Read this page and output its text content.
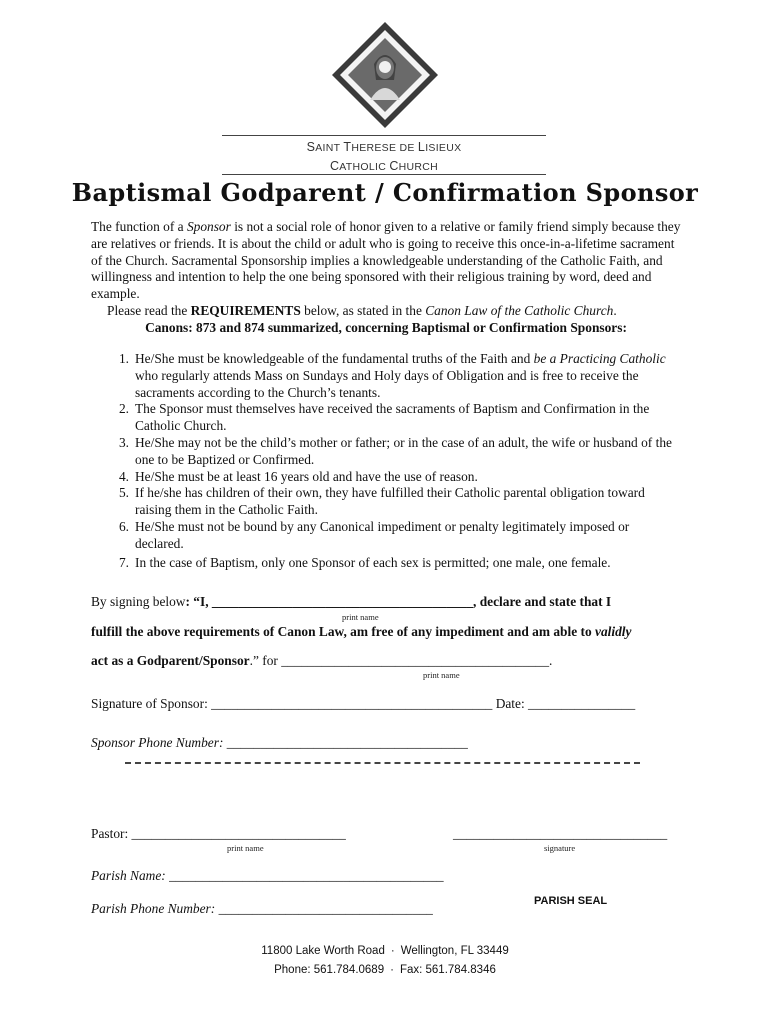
SAINT THERESE DE LISIEUX
CATHOLIC CHURCH
Baptismal Godparent / Confirmation Sponsor
The function of a Sponsor is not a social role of honor given to a relative or family friend simply because they are relatives or friends. It is about the child or adult who is going to receive this once-in-a-lifetime sacrament of the Church. Sacramental Sponsorship implies a knowledgeable understanding of the Catholic Faith, and willingness and intention to help the one being sponsored with their religious training by word, deed and example.
Please read the REQUIREMENTS below, as stated in the Canon Law of the Catholic Church.
Canons: 873 and 874 summarized, concerning Baptismal or Confirmation Sponsors:
1. He/She must be knowledgeable of the fundamental truths of the Faith and be a Practicing Catholic who regularly attends Mass on Sundays and Holy days of Obligation and is free to receive the sacraments according to the Church’s tenants.
2. The Sponsor must themselves have received the sacraments of Baptism and Confirmation in the Catholic Church.
3. He/She may not be the child’s mother or father; or in the case of an adult, the wife or husband of the one to be Baptized or Confirmed.
4. He/She must be at least 16 years old and have the use of reason.
5. If he/she has children of their own, they have fulfilled their Catholic parental obligation toward raising them in the Catholic Faith.
6. He/She must not be bound by any Canonical impediment or penalty legitimately imposed or declared.
7. In the case of Baptism, only one Sponsor of each sex is permitted; one male, one female.
By signing below: “I, _______________________________________, declare and state that I
print name
fulfill the above requirements of Canon Law, am free of any impediment and am able to validly
act as a Godparent/Sponsor.” for ________________________________________.
print name
Signature of Sponsor: __________________________________________ Date: ________________
Sponsor Phone Number: ____________________________________
Pastor: ________________________________	________________________________
print name	signature
Parish Name: _________________________________________
Parish Phone Number: ________________________________	PARISH SEAL
11800 Lake Worth Road · Wellington, FL 33449
Phone: 561.784.0689 · Fax: 561.784.8346
